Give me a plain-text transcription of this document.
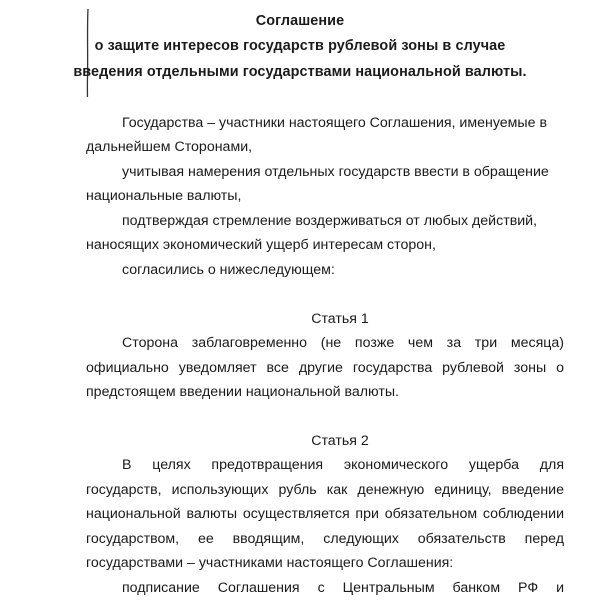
Соглашение
о защите интересов государств рублевой зоны в случае
введения отдельными государствами национальной валюты.
Государства – участники настоящего Соглашения, именуемые в
дальнейшем Сторонами,
учитывая намерения отдельных государств ввести в обращение
национальные валюты,
подтверждая стремление воздерживаться от любых действий,
наносящих экономический ущерб интересам сторон,
согласились о нижеследующем:
Статья 1
Сторона заблаговременно (не позже чем за три месяца)
официально уведомляет все другие государства рублевой зоны о
предстоящем введении национальной валюты.
Статья 2
В целях предотвращения экономического ущерба для
государств, использующих рубль как денежную единицу, введение
национальной валюты осуществляется при обязательном соблюдении
государством, ее вводящим, следующих обязательств перед
государствами – участниками настоящего Соглашения:
подписание Соглашения с Центральным банком РФ и
